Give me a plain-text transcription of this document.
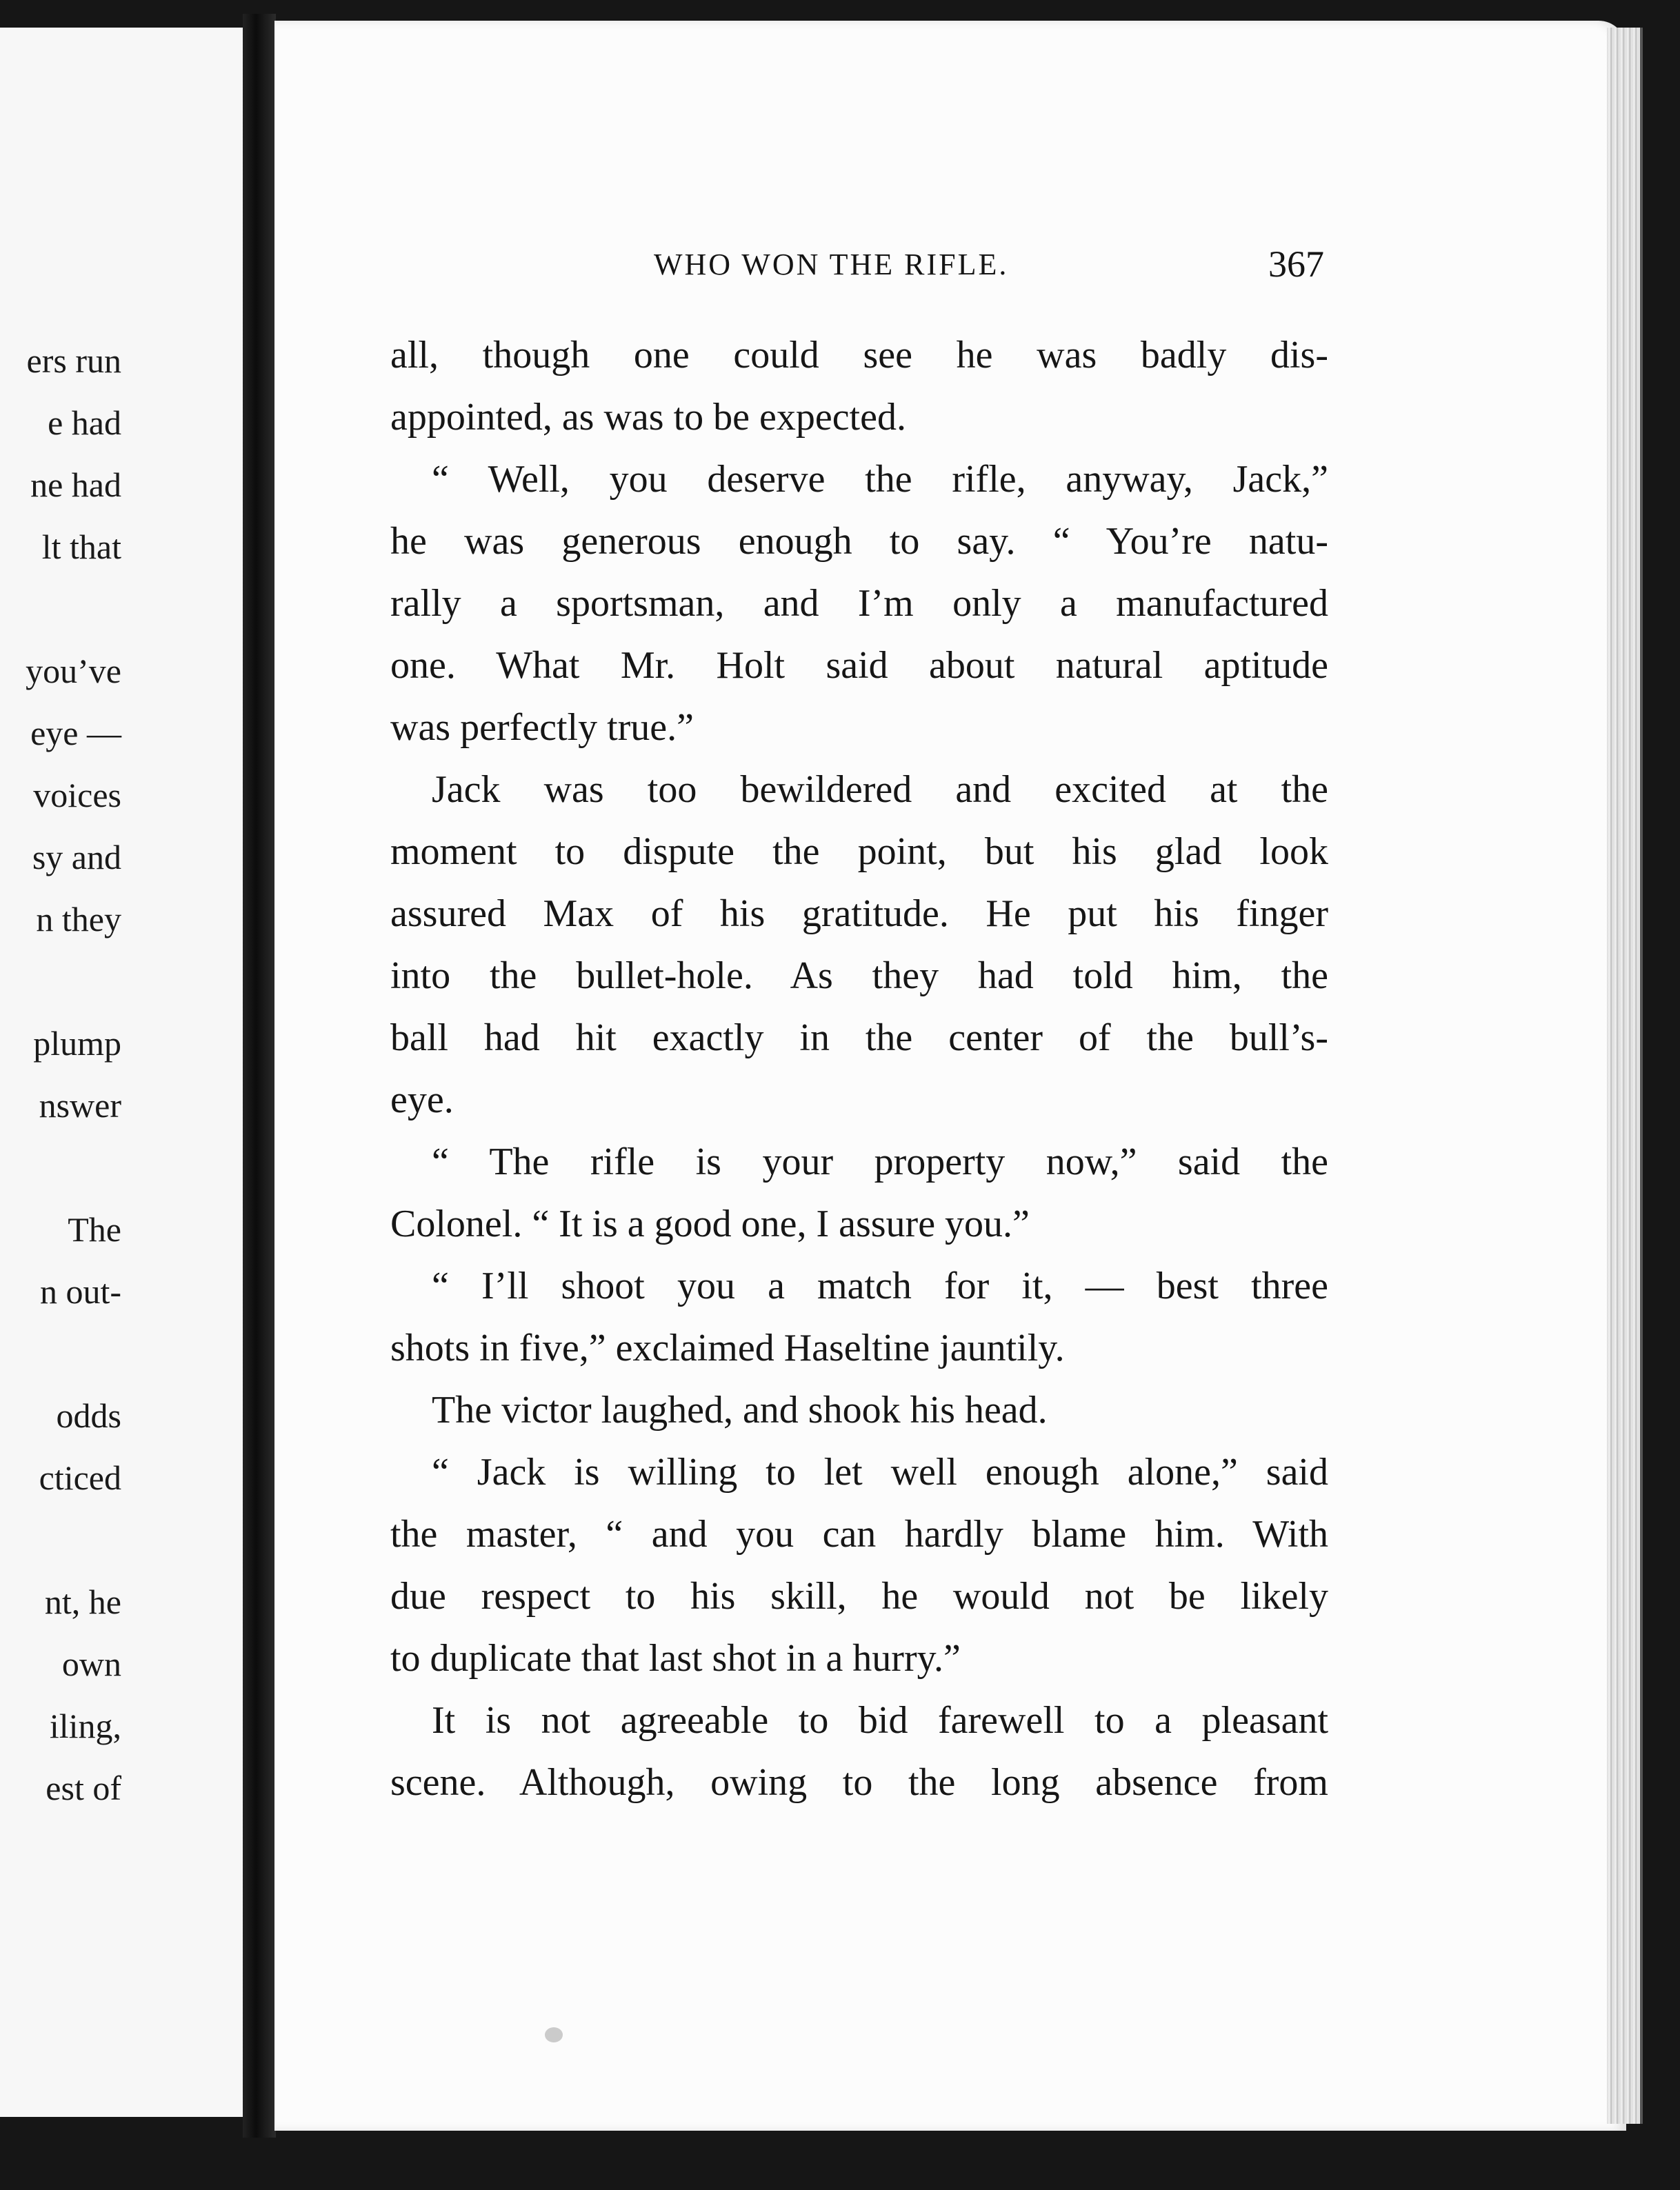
ers run
e had
ne had
lt that
you’ve
eye —
voices
sy and
n they
plump
nswer
The
n out-
odds
cticed
nt, he
own
iling,
est of
WHO WON THE RIFLE.	367
all, though one could see he was badly dis-
appointed, as was to be expected.
“ Well, you deserve the rifle, anyway, Jack,”
he was generous enough to say. “ You’re natu-
rally a sportsman, and I’m only a manufactured
one. What Mr. Holt said about natural aptitude
was perfectly true.”
Jack was too bewildered and excited at the
moment to dispute the point, but his glad look
assured Max of his gratitude. He put his finger
into the bullet-hole. As they had told him, the
ball had hit exactly in the center of the bull’s-
eye.
“ The rifle is your property now,” said the
Colonel. “ It is a good one, I assure you.”
“ I’ll shoot you a match for it, — best three
shots in five,” exclaimed Haseltine jauntily.
The victor laughed, and shook his head.
“ Jack is willing to let well enough alone,” said
the master, “ and you can hardly blame him. With
due respect to his skill, he would not be likely
to duplicate that last shot in a hurry.”
It is not agreeable to bid farewell to a pleasant
scene. Although, owing to the long absence from
